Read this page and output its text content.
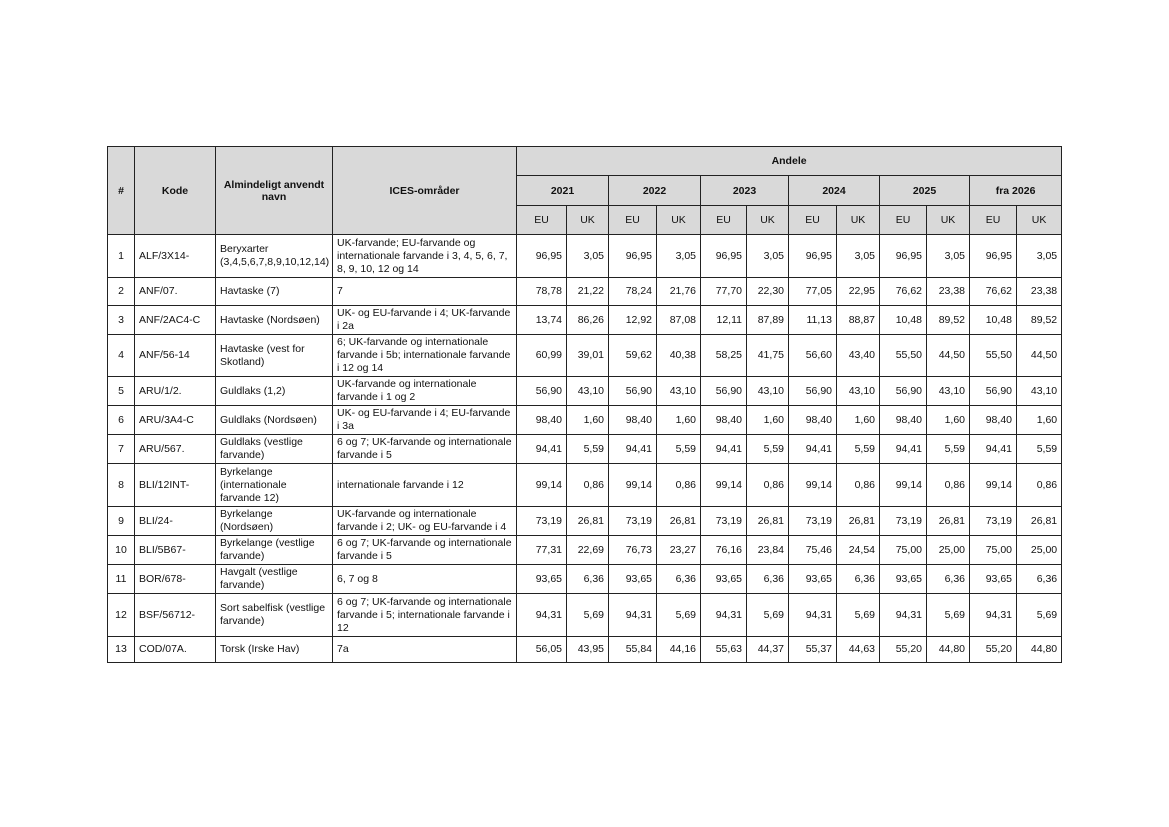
#	Kode	Almindeligt anvendt navn	ICES-områder	Andele											
				2021		2022		2023		2024		2025		fra 2026	
				EU	UK	EU	UK	EU	UK	EU	UK	EU	UK	EU	UK
1	ALF/3X14-	Beryxarter (3,4,5,6,7,8,9,10,12,14)	UK-farvande; EU-farvande og internationale farvande i 3, 4, 5, 6, 7, 8, 9, 10, 12 og 14	96,95	3,05	96,95	3,05	96,95	3,05	96,95	3,05	96,95	3,05	96,95	3,05
2	ANF/07.	Havtaske (7)	7	78,78	21,22	78,24	21,76	77,70	22,30	77,05	22,95	76,62	23,38	76,62	23,38
3	ANF/2AC4-C	Havtaske (Nordsøen)	UK- og EU-farvande i 4; UK-farvande i 2a	13,74	86,26	12,92	87,08	12,11	87,89	11,13	88,87	10,48	89,52	10,48	89,52
4	ANF/56-14	Havtaske (vest for Skotland)	6; UK-farvande og internationale farvande i 5b; internationale farvande i 12 og 14	60,99	39,01	59,62	40,38	58,25	41,75	56,60	43,40	55,50	44,50	55,50	44,50
5	ARU/1/2.	Guldlaks (1,2)	UK-farvande og internationale farvande i 1 og 2	56,90	43,10	56,90	43,10	56,90	43,10	56,90	43,10	56,90	43,10	56,90	43,10
6	ARU/3A4-C	Guldlaks (Nordsøen)	UK- og EU-farvande i 4; EU-farvande i 3a	98,40	1,60	98,40	1,60	98,40	1,60	98,40	1,60	98,40	1,60	98,40	1,60
7	ARU/567.	Guldlaks (vestlige farvande)	6 og 7; UK-farvande og internationale farvande i 5	94,41	5,59	94,41	5,59	94,41	5,59	94,41	5,59	94,41	5,59	94,41	5,59
8	BLI/12INT-	Byrkelange (internationale farvande 12)	internationale farvande i 12	99,14	0,86	99,14	0,86	99,14	0,86	99,14	0,86	99,14	0,86	99,14	0,86
9	BLI/24-	Byrkelange (Nordsøen)	UK-farvande og internationale farvande i 2; UK- og EU-farvande i 4	73,19	26,81	73,19	26,81	73,19	26,81	73,19	26,81	73,19	26,81	73,19	26,81
10	BLI/5B67-	Byrkelange (vestlige farvande)	6 og 7; UK-farvande og internationale farvande i 5	77,31	22,69	76,73	23,27	76,16	23,84	75,46	24,54	75,00	25,00	75,00	25,00
11	BOR/678-	Havgalt (vestlige farvande)	6, 7 og 8	93,65	6,36	93,65	6,36	93,65	6,36	93,65	6,36	93,65	6,36	93,65	6,36
12	BSF/56712-	Sort sabelfisk (vestlige farvande)	6 og 7; UK-farvande og internationale farvande i 5; internationale farvande i 12	94,31	5,69	94,31	5,69	94,31	5,69	94,31	5,69	94,31	5,69	94,31	5,69
13	COD/07A.	Torsk (Irske Hav)	7a	56,05	43,95	55,84	44,16	55,63	44,37	55,37	44,63	55,20	44,80	55,20	44,80
